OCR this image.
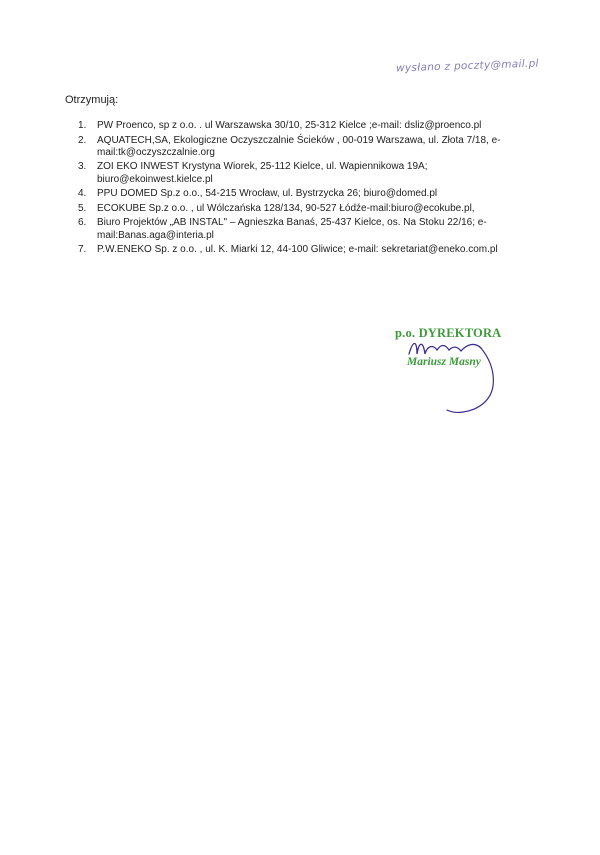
wysłano z poczty@mail.pl
Otrzymują:
1.	PW Proenco, sp z o.o. . ul Warszawska 30/10, 25-312 Kielce ;e-mail: dsliz@proenco.pl
2.	AQUATECH,SA, Ekologiczne Oczyszczalnie Ścieków , 00-019 Warszawa, ul. Złota 7/18, e-mail:tk@oczyszczalnie.org
3.	ZOI EKO INWEST Krystyna Wiorek, 25-112 Kielce, ul. Wapiennikowa 19A; biuro@ekoinwest.kielce.pl
4.	PPU DOMED Sp.z o.o., 54-215 Wrocław, ul. Bystrzycka 26; biuro@domed.pl
5.	ECOKUBE Sp.z o.o. , ul Wólczańska 128/134, 90-527 Łódźe-mail:biuro@ecokube.pl,
6.	Biuro Projektów „AB INSTAL" – Agnieszka Banaś, 25-437 Kielce, os. Na Stoku 22/16; e-mail:Banas.aga@interia.pl
7.	P.W.ENEKO Sp. z o.o. , ul. K. Miarki 12, 44-100 Gliwice; e-mail: sekretariat@eneko.com.pl
p.o. DYREKTORA
Mariusz Masny
